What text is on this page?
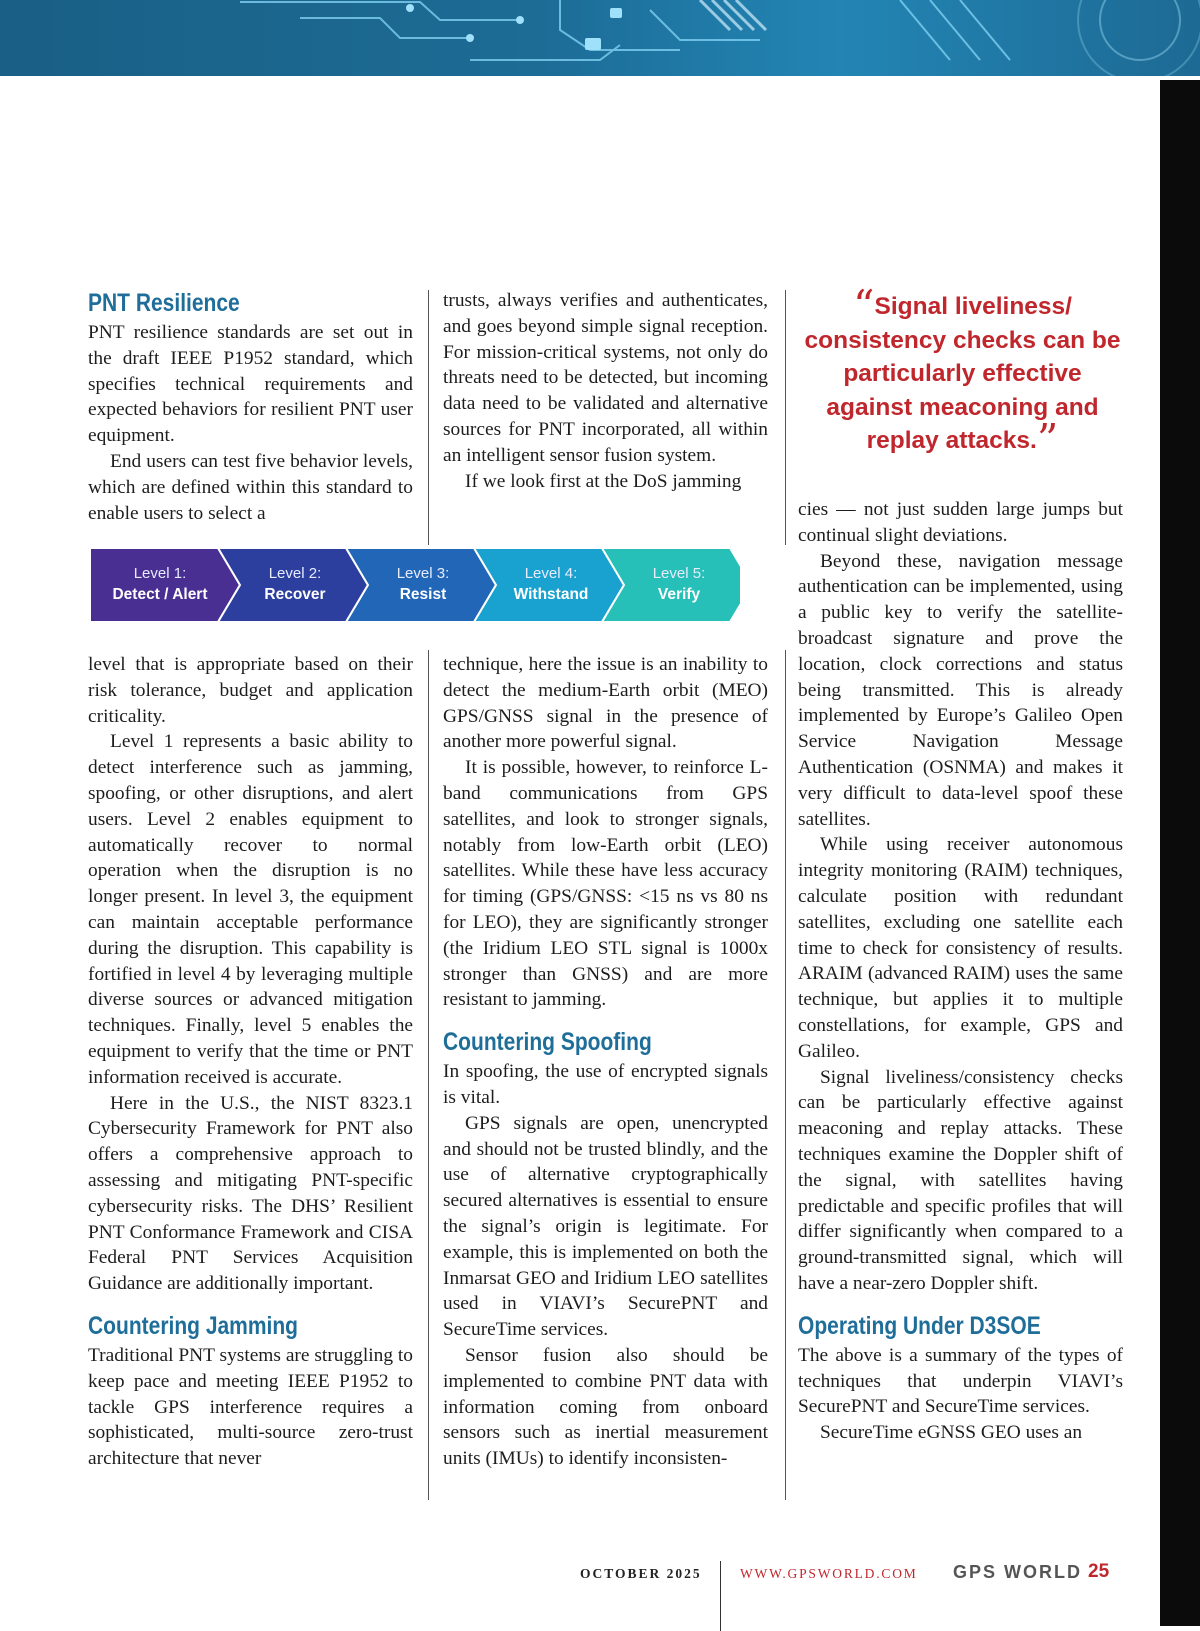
PNT Resilience

PNT resilience standards are set out in the draft IEEE P1952 standard, which specifies technical requirements and expected behaviors for resilient PNT user equipment.

End users can test five behavior levels, which are defined within this standard to enable users to select a

trusts, always verifies and authenticates, and goes beyond simple signal reception. For mission-critical systems, not only do threats need to be detected, but incoming data need to be validated and alternative sources for PNT incorporated, all within an intelligent sensor fusion system.

If we look first at the DoS jamming

level that is appropriate based on their risk tolerance, budget and application criticality.

Level 1 represents a basic ability to detect interference such as jamming, spoofing, or other disruptions, and alert users. Level 2 enables equipment to automatically recover to normal operation when the disruption is no longer present. In level 3, the equipment can maintain acceptable performance during the disruption. This capability is fortified in level 4 by leveraging multiple diverse sources or advanced mitigation techniques. Finally, level 5 enables the equipment to verify that the time or PNT information received is accurate.

Here in the U.S., the NIST 8323.1 Cybersecurity Framework for PNT also offers a comprehensive approach to assessing and mitigating PNT-specific cybersecurity risks. The DHS’ Resilient PNT Conformance Framework and CISA Federal PNT Services Acquisition Guidance are additionally important.

Countering Jamming

Traditional PNT systems are struggling to keep pace and meeting IEEE P1952 to tackle GPS interference requires a sophisticated, multi-source zero-trust architecture that never

technique, here the issue is an inability to detect the medium-Earth orbit (MEO) GPS/GNSS signal in the presence of another more powerful signal.

It is possible, however, to reinforce L-band communications from GPS satellites, and look to stronger signals, notably from low-Earth orbit (LEO) satellites. While these have less accuracy for timing (GPS/GNSS: <15 ns vs 80 ns for LEO), they are significantly stronger (the Iridium LEO STL signal is 1000x stronger than GNSS) and are more resistant to jamming.

Countering Spoofing

In spoofing, the use of encrypted signals is vital.

GPS signals are open, unencrypted and should not be trusted blindly, and the use of alternative cryptographically secured alternatives is essential to ensure the signal’s origin is legitimate. For example, this is implemented on both the Inmarsat GEO and Iridium LEO satellites used in VIAVI’s SecurePNT and SecureTime services.

Sensor fusion also should be implemented to combine PNT data with information coming from onboard sensors such as inertial measurement units (IMUs) to identify inconsisten-

cies — not just sudden large jumps but continual slight deviations.

Beyond these, navigation message authentication can be implemented, using a public key to verify the satellite-broadcast signature and prove the location, clock corrections and status being transmitted. This is already implemented by Europe’s Galileo Open Service Navigation Message Authentication (OSNMA) and makes it very difficult to data-level spoof these satellites.

While using receiver autonomous integrity monitoring (RAIM) techniques, calculate position with redundant satellites, excluding one satellite each time to check for consistency of results. ARAIM (advanced RAIM) uses the same technique, but applies it to multiple constellations, for example, GPS and Galileo.

Signal liveliness/consistency checks can be particularly effective against meaconing and replay attacks. These techniques examine the Doppler shift of the signal, with satellites having predictable and specific profiles that will differ significantly when compared to a ground-transmitted signal, which will have a near-zero Doppler shift.

Operating Under D3SOE

The above is a summary of the types of techniques that underpin VIAVI’s SecurePNT and SecureTime services.

SecureTime eGNSS GEO uses an

“Signal liveliness/ consistency checks can be particularly effective against meaconing and replay attacks.”
Level 1:
Detect / Alert
Level 2:
Recover
Level 3:
Resist
Level 4:
Withstand
Level 5:
Verify
OCTOBER 2025	WWW.GPSWORLD.COM GPS WORLD 25
